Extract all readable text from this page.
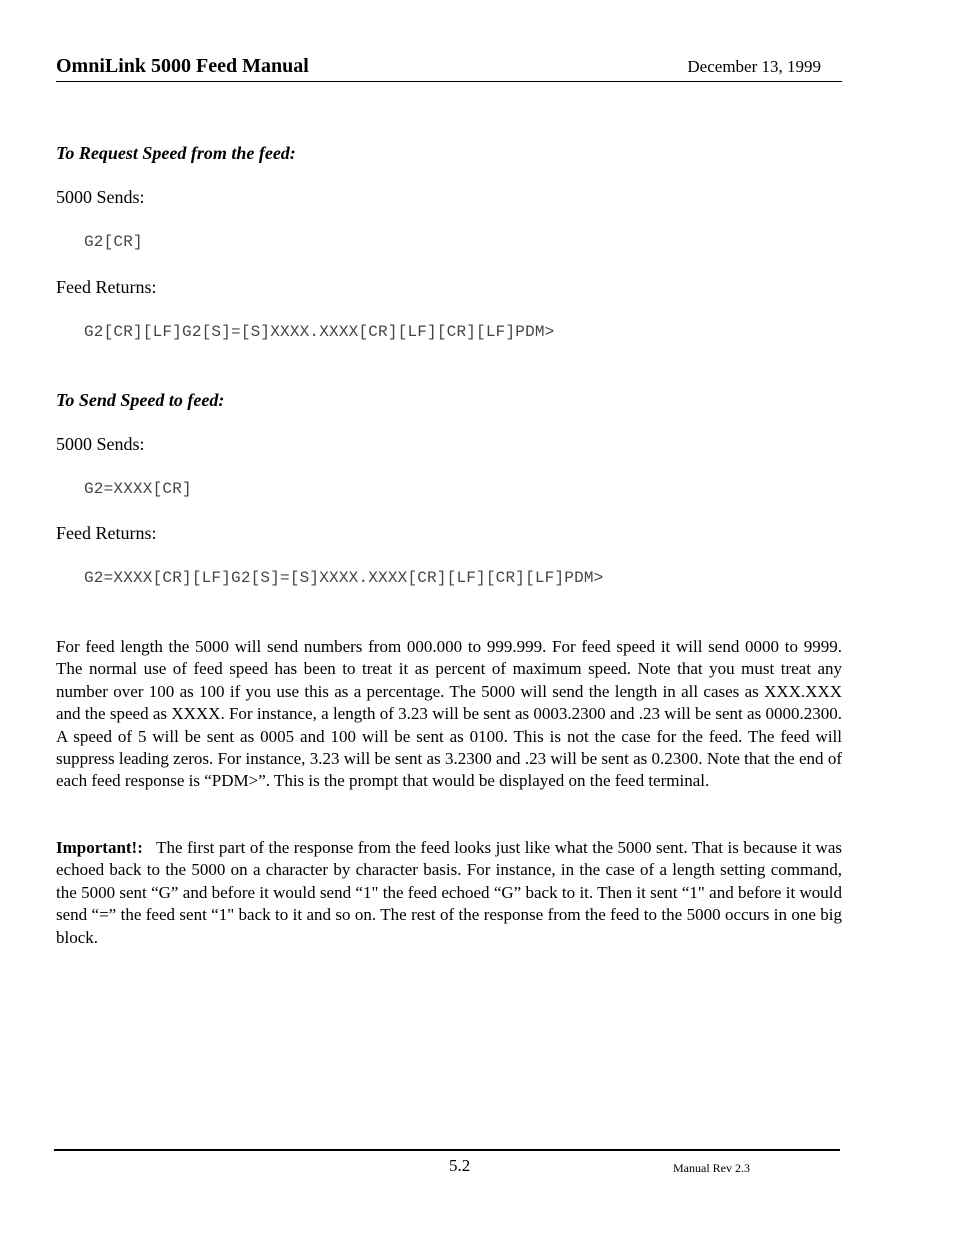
OmniLink 5000 Feed Manual	December 13, 1999
To Request Speed from the feed:
5000 Sends:
G2[CR]
Feed Returns:
G2[CR][LF]G2[S]=[S]XXXX.XXXX[CR][LF][CR][LF]PDM>
To Send Speed to feed:
5000 Sends:
G2=XXXX[CR]
Feed Returns:
G2=XXXX[CR][LF]G2[S]=[S]XXXX.XXXX[CR][LF][CR][LF]PDM>
For feed length the 5000 will send numbers from 000.000 to 999.999. For feed speed it will send 0000 to 9999. The normal use of feed speed has been to treat it as percent of maximum speed. Note that you must treat any number over 100 as 100 if you use this as a percentage. The 5000 will send the length in all cases as XXX.XXX and the speed as XXXX. For instance, a length of 3.23 will be sent as 0003.2300 and .23 will be sent as 0000.2300. A speed of 5 will be sent as 0005 and 100 will be sent as 0100. This is not the case for the feed. The feed will suppress leading zeros. For instance, 3.23 will be sent as 3.2300 and .23 will be sent as 0.2300. Note that the end of each feed response is “PDM>”. This is the prompt that would be displayed on the feed terminal.
Important!: The first part of the response from the feed looks just like what the 5000 sent. That is because it was echoed back to the 5000 on a character by character basis. For instance, in the case of a length setting command, the 5000 sent “G” and before it would send “1" the feed echoed “G” back to it. Then it sent “1" and before it would send “=” the feed sent “1" back to it and so on. The rest of the response from the feed to the 5000 occurs in one big block.
5.2	Manual Rev 2.3
